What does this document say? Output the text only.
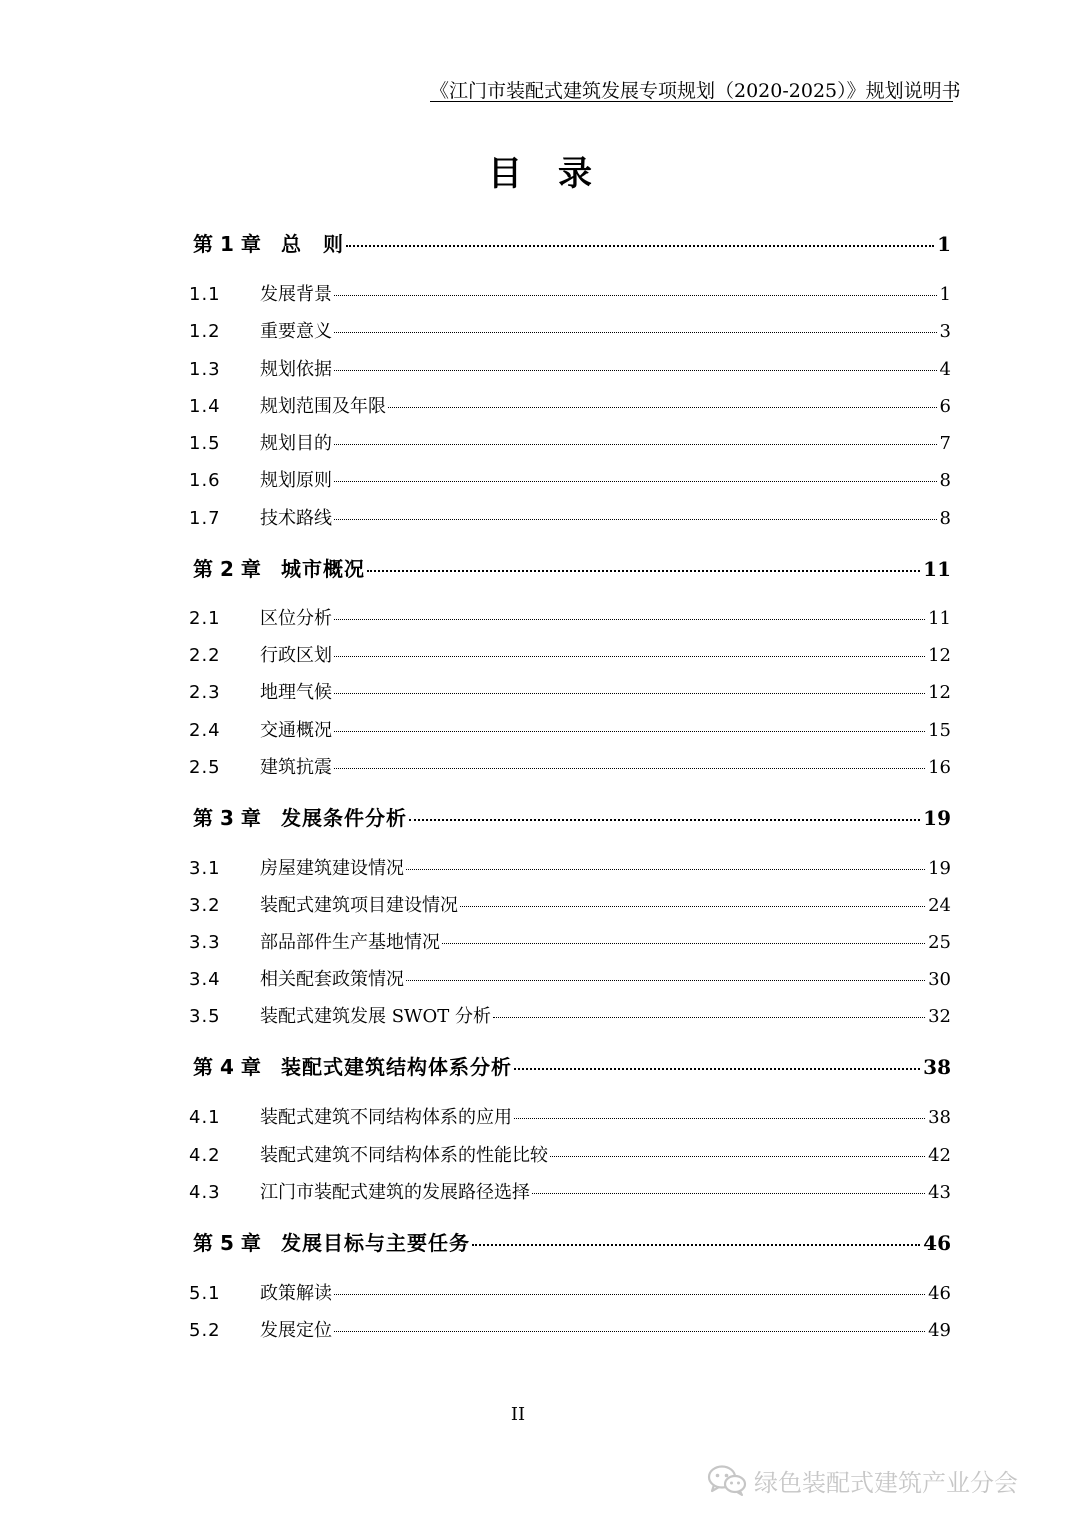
《江门市装配式建筑发展专项规划（2020-2025）》规划说明书
目录
第 1 章	总　则	1
1.1	发展背景	1
1.2	重要意义	3
1.3	规划依据	4
1.4	规划范围及年限	6
1.5	规划目的	7
1.6	规划原则	8
1.7	技术路线	8
第 2 章	城市概况	11
2.1	区位分析	11
2.2	行政区划	12
2.3	地理气候	12
2.4	交通概况	15
2.5	建筑抗震	16
第 3 章	发展条件分析	19
3.1	房屋建筑建设情况	19
3.2	装配式建筑项目建设情况	24
3.3	部品部件生产基地情况	25
3.4	相关配套政策情况	30
3.5	装配式建筑发展 SWOT 分析	32
第 4 章	装配式建筑结构体系分析	38
4.1	装配式建筑不同结构体系的应用	38
4.2	装配式建筑不同结构体系的性能比较	42
4.3	江门市装配式建筑的发展路径选择	43
第 5 章	发展目标与主要任务	46
5.1	政策解读	46
5.2	发展定位	49
II
绿色装配式建筑产业分会
